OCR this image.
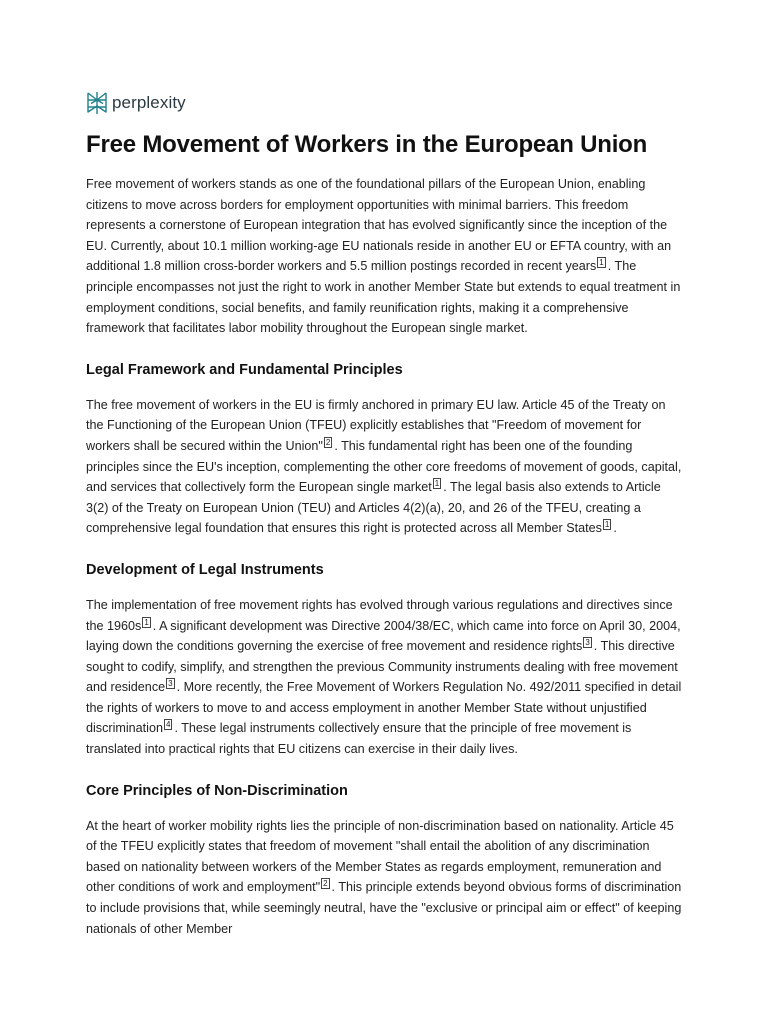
perplexity
Free Movement of Workers in the European Union

Free movement of workers stands as one of the foundational pillars of the European Union, enabling citizens to move across borders for employment opportunities with minimal barriers. This freedom represents a cornerstone of European integration that has evolved significantly since the inception of the EU. Currently, about 10.1 million working-age EU nationals reside in another EU or EFTA country, with an additional 1.8 million cross-border workers and 5.5 million postings recorded in recent years 1 . The principle encompasses not just the right to work in another Member State but extends to equal treatment in employment conditions, social benefits, and family reunification rights, making it a comprehensive framework that facilitates labor mobility throughout the European single market.

Legal Framework and Fundamental Principles

The free movement of workers in the EU is firmly anchored in primary EU law. Article 45 of the Treaty on the Functioning of the European Union (TFEU) explicitly establishes that "Freedom of movement for workers shall be secured within the Union" 2 . This fundamental right has been one of the founding principles since the EU's inception, complementing the other core freedoms of movement of goods, capital, and services that collectively form the European single market 1 . The legal basis also extends to Article 3(2) of the Treaty on European Union (TEU) and Articles 4(2)(a), 20, and 26 of the TFEU, creating a comprehensive legal foundation that ensures this right is protected across all Member States 1 .

Development of Legal Instruments

The implementation of free movement rights has evolved through various regulations and directives since the 1960s 1 . A significant development was Directive 2004/38/EC, which came into force on April 30, 2004, laying down the conditions governing the exercise of free movement and residence rights 3 . This directive sought to codify, simplify, and strengthen the previous Community instruments dealing with free movement and residence 3 . More recently, the Free Movement of Workers Regulation No. 492/2011 specified in detail the rights of workers to move to and access employment in another Member State without unjustified discrimination 4 . These legal instruments collectively ensure that the principle of free movement is translated into practical rights that EU citizens can exercise in their daily lives.

Core Principles of Non-Discrimination

At the heart of worker mobility rights lies the principle of non-discrimination based on nationality. Article 45 of the TFEU explicitly states that freedom of movement "shall entail the abolition of any discrimination based on nationality between workers of the Member States as regards employment, remuneration and other conditions of work and employment" 2 . This principle extends beyond obvious forms of discrimination to include provisions that, while seemingly neutral, have the "exclusive or principal aim or effect" of keeping nationals of other Member
